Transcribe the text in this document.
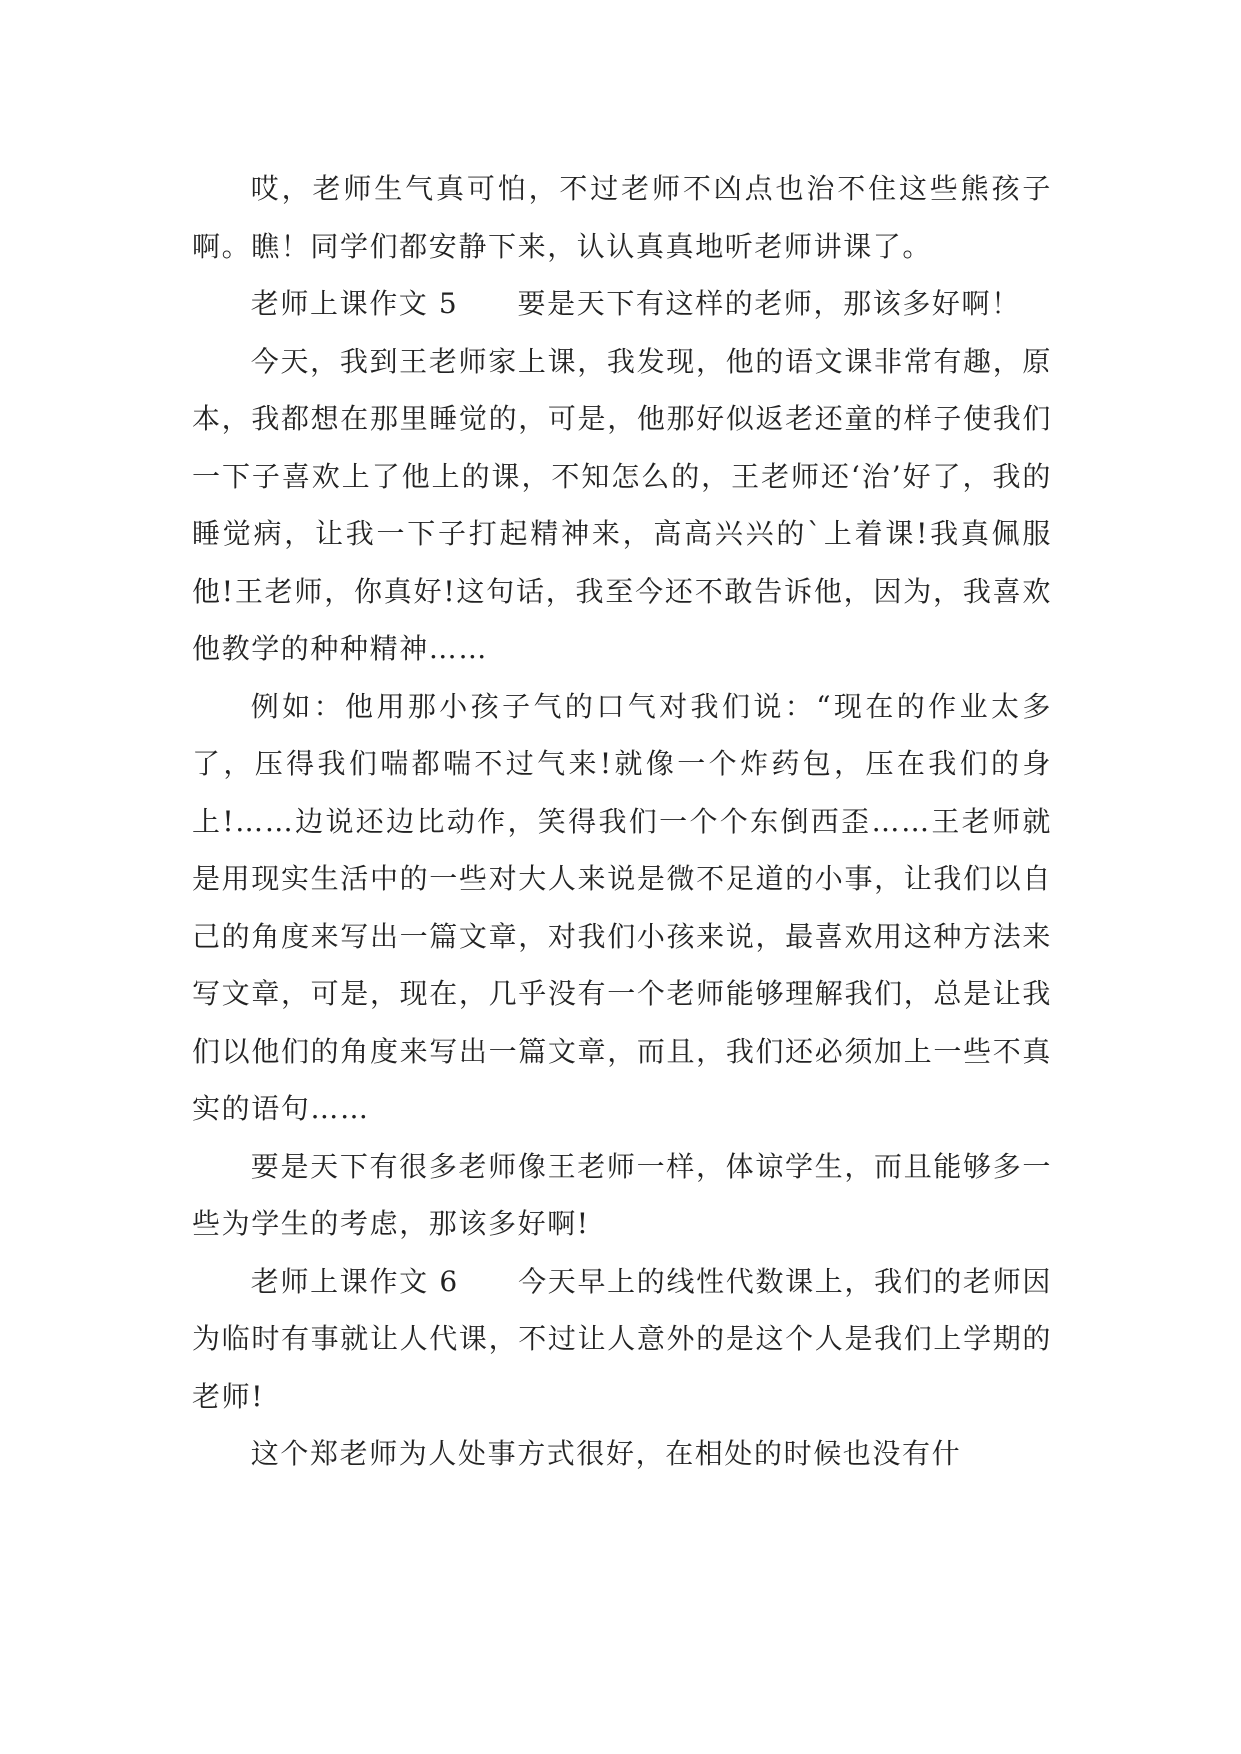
哎，老师生气真可怕，不过老师不凶点也治不住这些熊孩子啊。瞧！同学们都安静下来，认认真真地听老师讲课了。

老师上课作文 5　　要是天下有这样的老师，那该多好啊！

今天，我到王老师家上课，我发现，他的语文课非常有趣，原本，我都想在那里睡觉的，可是，他那好似返老还童的样子使我们一下子喜欢上了他上的课，不知怎么的，王老师还‘治’好了，我的睡觉病，让我一下子打起精神来，高高兴兴的`上着课!我真佩服他!王老师，你真好!这句话，我至今还不敢告诉他，因为，我喜欢他教学的种种精神……

例如：他用那小孩子气的口气对我们说：“现在的作业太多了，压得我们喘都喘不过气来!就像一个炸药包，压在我们的身上!……边说还边比动作，笑得我们一个个东倒西歪……王老师就是用现实生活中的一些对大人来说是微不足道的小事，让我们以自己的角度来写出一篇文章，对我们小孩来说，最喜欢用这种方法来写文章，可是，现在，几乎没有一个老师能够理解我们，总是让我们以他们的角度来写出一篇文章，而且，我们还必须加上一些不真实的语句……

要是天下有很多老师像王老师一样，体谅学生，而且能够多一些为学生的考虑，那该多好啊!

老师上课作文 6　　今天早上的线性代数课上，我们的老师因为临时有事就让人代课，不过让人意外的是这个人是我们上学期的老师!

这个郑老师为人处事方式很好，在相处的时候也没有什
